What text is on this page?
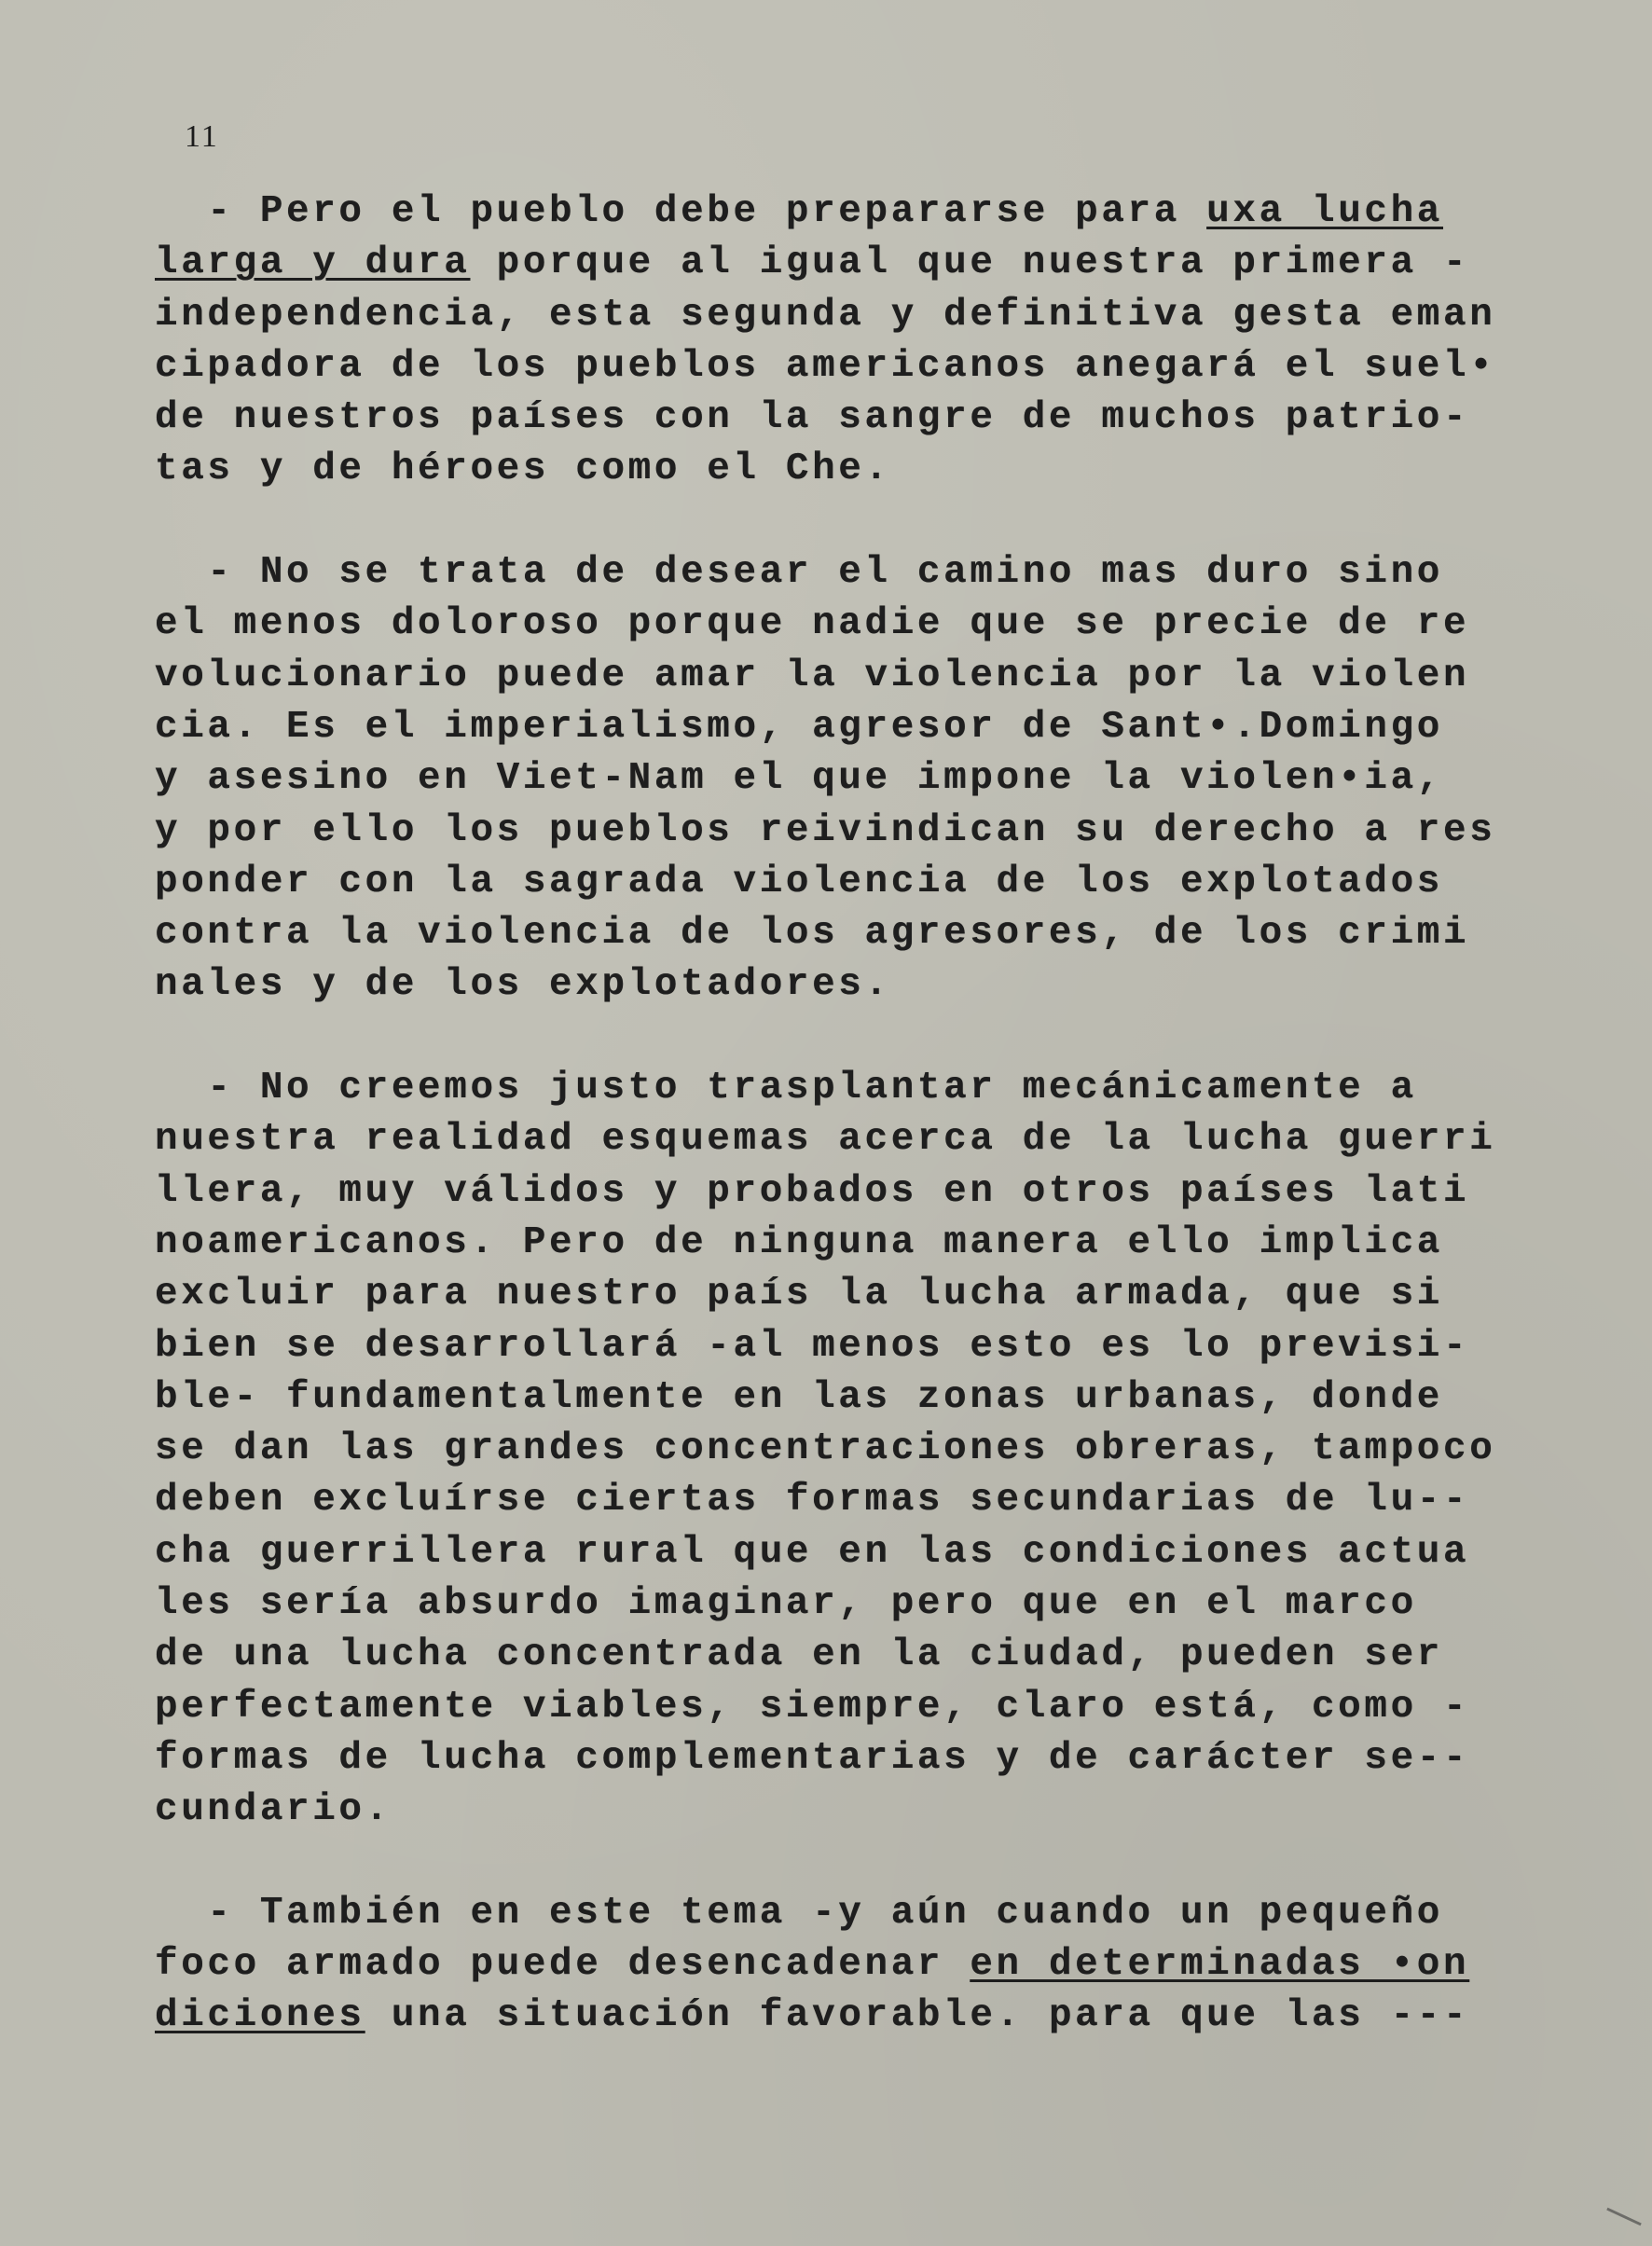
11
- Pero el pueblo debe prepararse para uxa lucha
larga y dura porque al igual que nuestra primera -
independencia, esta segunda y definitiva gesta eman
cipadora de los pueblos americanos anegará el suel•
de nuestros países con la sangre de muchos patrio-
tas y de héroes como el Che.
- No se trata de desear el camino mas duro sino
el menos doloroso porque nadie que se precie de re
volucionario puede amar la violencia por la violen
cia. Es el imperialismo, agresor de Sant•.Domingo
y asesino en Viet-Nam el que impone la violen•ia,
y por ello los pueblos reivindican su derecho a res
ponder con la sagrada violencia de los explotados
contra la violencia de los agresores, de los crimi
nales y de los explotadores.
- No creemos justo trasplantar mecánicamente a
nuestra realidad esquemas acerca de la lucha guerri
llera, muy válidos y probados en otros países lati
noamericanos. Pero de ninguna manera ello implica
excluir para nuestro país la lucha armada, que si
bien se desarrollará -al menos esto es lo previsi-
ble- fundamentalmente en las zonas urbanas, donde
se dan las grandes concentraciones obreras, tampoco
deben excluírse ciertas formas secundarias de lu--
cha guerrillera rural que en las condiciones actua
les sería absurdo imaginar, pero que en el marco
de una lucha concentrada en la ciudad, pueden ser
perfectamente viables, siempre, claro está, como -
formas de lucha complementarias y de carácter se--
cundario.
- También en este tema -y aún cuando un pequeño
foco armado puede desencadenar en determinadas •on
diciones una situación favorable. para que las ---
